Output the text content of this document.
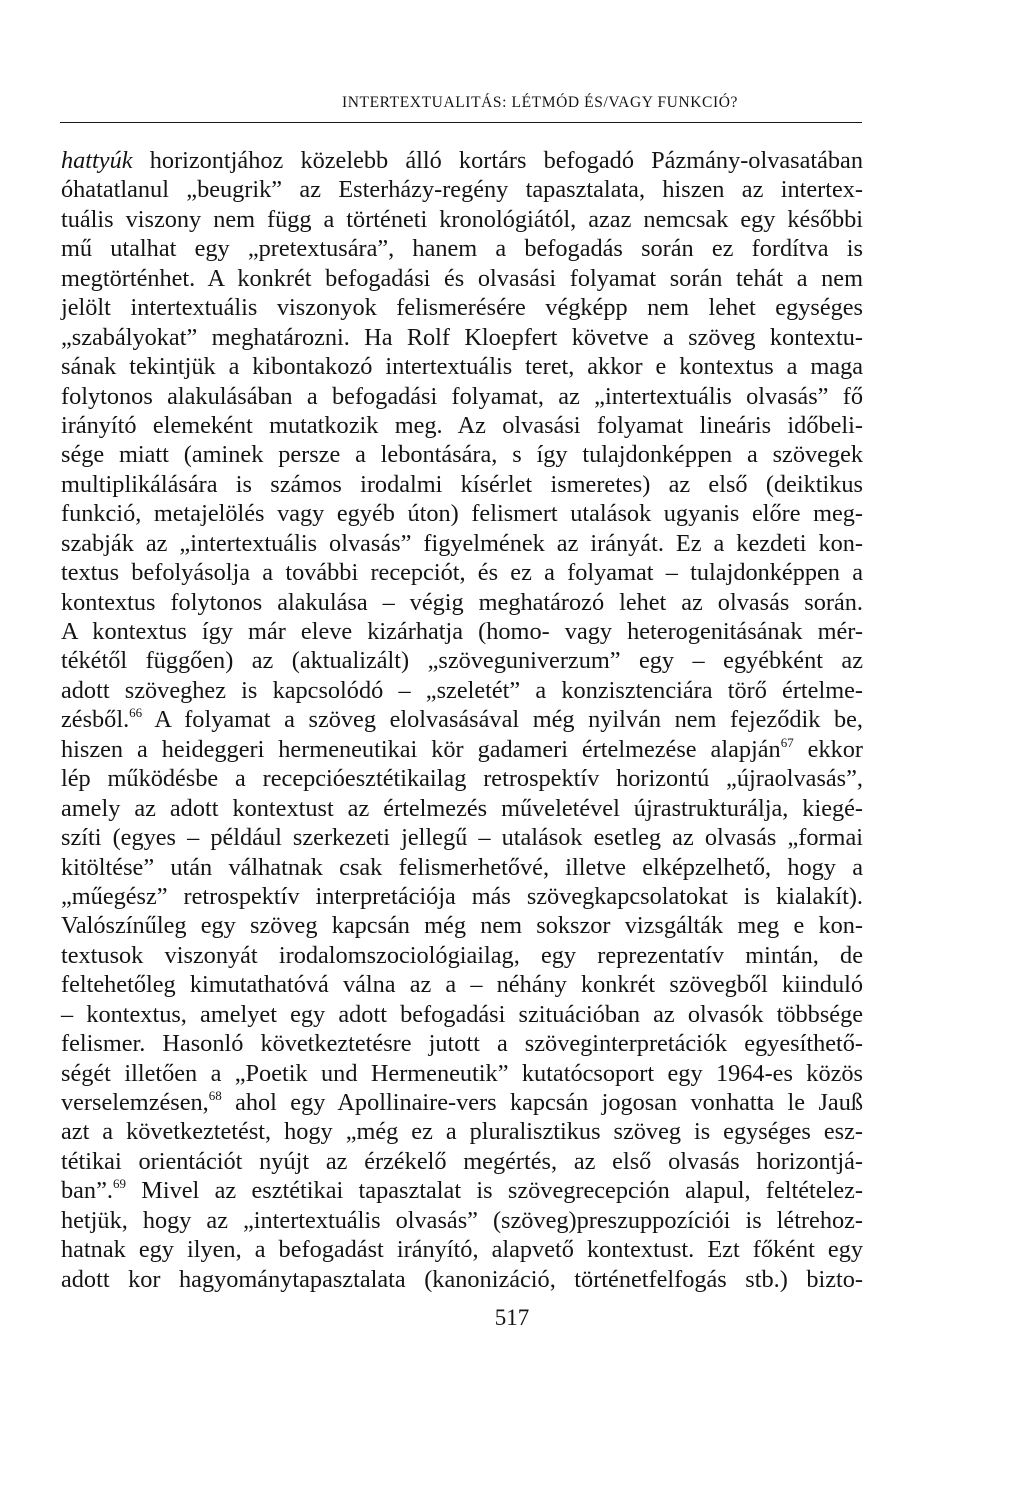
INTERTEXTUALITÁS: LÉTMÓD ÉS/VAGY FUNKCIÓ?
hattyúk horizontjához közelebb álló kortárs befogadó Pázmány-olvasatában
óhatatlanul „beugrik” az Esterházy-regény tapasztalata, hiszen az intertex-
tuális viszony nem függ a történeti kronológiától, azaz nemcsak egy későbbi
mű utalhat egy „pretextusára”, hanem a befogadás során ez fordítva is
megtörténhet. A konkrét befogadási és olvasási folyamat során tehát a nem
jelölt intertextuális viszonyok felismerésére végképp nem lehet egységes
„szabályokat” meghatározni. Ha Rolf Kloepfert követve a szöveg kontextu-
sának tekintjük a kibontakozó intertextuális teret, akkor e kontextus a maga
folytonos alakulásában a befogadási folyamat, az „intertextuális olvasás” fő
irányító elemeként mutatkozik meg. Az olvasási folyamat lineáris időbeli-
sége miatt (aminek persze a lebontására, s így tulajdonképpen a szövegek
multiplikálására is számos irodalmi kísérlet ismeretes) az első (deiktikus
funkció, metajelölés vagy egyéb úton) felismert utalások ugyanis előre meg-
szabják az „intertextuális olvasás” figyelmének az irányát. Ez a kezdeti kon-
textus befolyásolja a további recepciót, és ez a folyamat – tulajdonképpen a
kontextus folytonos alakulása – végig meghatározó lehet az olvasás során.
A kontextus így már eleve kizárhatja (homo- vagy heterogenitásának mér-
tékétől függően) az (aktualizált) „szöveguniverzum” egy – egyébként az
adott szöveghez is kapcsolódó – „szeletét” a konzisztenciára törő értelme-
zésből.$^{66}$ A folyamat a szöveg elolvasásával még nyilván nem fejeződik be,
hiszen a heideggeri hermeneutikai kör gadameri értelmezése alapján$^{67}$ ekkor
lép működésbe a recepcióesztétikailag retrospektív horizontú „újraolvasás”,
amely az adott kontextust az értelmezés műveletével újrastrukturálja, kiegé-
szíti (egyes – például szerkezeti jellegű – utalások esetleg az olvasás „formai
kitöltése” után válhatnak csak felismerhetővé, illetve elképzelhető, hogy a
„műegész” retrospektív interpretációja más szövegkapcsolatokat is kialakít).
Valószínűleg egy szöveg kapcsán még nem sokszor vizsgálták meg e kon-
textusok viszonyát irodalomszociológiailag, egy reprezentatív mintán, de
feltehetőleg kimutathatóvá válna az a – néhány konkrét szövegből kiinduló
– kontextus, amelyet egy adott befogadási szituációban az olvasók többsége
felismer. Hasonló következtetésre jutott a szöveginterpretációk egyesíthető-
ségét illetően a „Poetik und Hermeneutik” kutatócsoport egy 1964-es közös
verselemzésen,$^{68}$ ahol egy Apollinaire-vers kapcsán jogosan vonhatta le Jauß
azt a következtetést, hogy „még ez a pluralisztikus szöveg is egységes esz-
tétikai orientációt nyújt az érzékelő megértés, az első olvasás horizontjá-
ban”.$^{69}$ Mivel az esztétikai tapasztalat is szövegrecepción alapul, feltételez-
hetjük, hogy az „intertextuális olvasás” (szöveg)preszuppozíciói is létrehoz-
hatnak egy ilyen, a befogadást irányító, alapvető kontextust. Ezt főként egy
adott kor hagyománytapasztalata (kanonizáció, történetfelfogás stb.) bizto-
517
